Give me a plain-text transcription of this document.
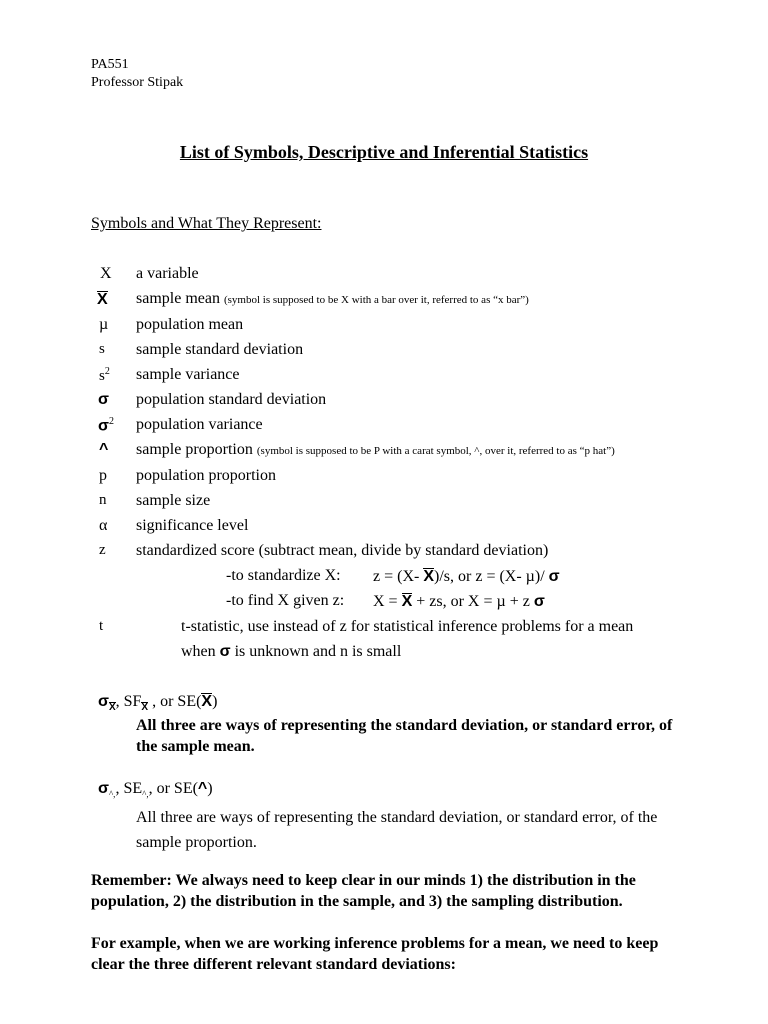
PA551
Professor Stipak
List of Symbols, Descriptive and Inferential Statistics
Symbols and What They Represent:
X a variable
X sample mean (symbol is supposed to be X with a bar over it, referred to as “x bar”)
µ population mean
s sample standard deviation
$s^2$ sample variance
σ population standard deviation
$\sigma^2$ population variance
^ sample proportion (symbol is supposed to be P with a carat symbol, ^, over it, referred to as “p hat”)
p population proportion
n sample size
α significance level
z standardized score (subtract mean, divide by standard deviation)
-to standardize X: z = (X- X)/s, or z = (X- µ)/ σ
-to find X given z: X = X + zs, or X = µ + z σ
t	t-statistic, use instead of z for statistical inference problems for a mean
when σ is unknown and n is small
$\sigma_X$, $SF_X$ , or SE(X)
All three are ways of representing the standard deviation, or standard error, of the sample mean.
$\sigma_{\^{},}$, $SE_{\^{},}$, or SE(^)
All three are ways of representing the standard deviation, or standard error, of the sample proportion.
Remember: We always need to keep clear in our minds 1) the distribution in the population, 2) the distribution in the sample, and 3) the sampling distribution.
For example, when we are working inference problems for a mean, we need to keep clear the three different relevant standard deviations:
